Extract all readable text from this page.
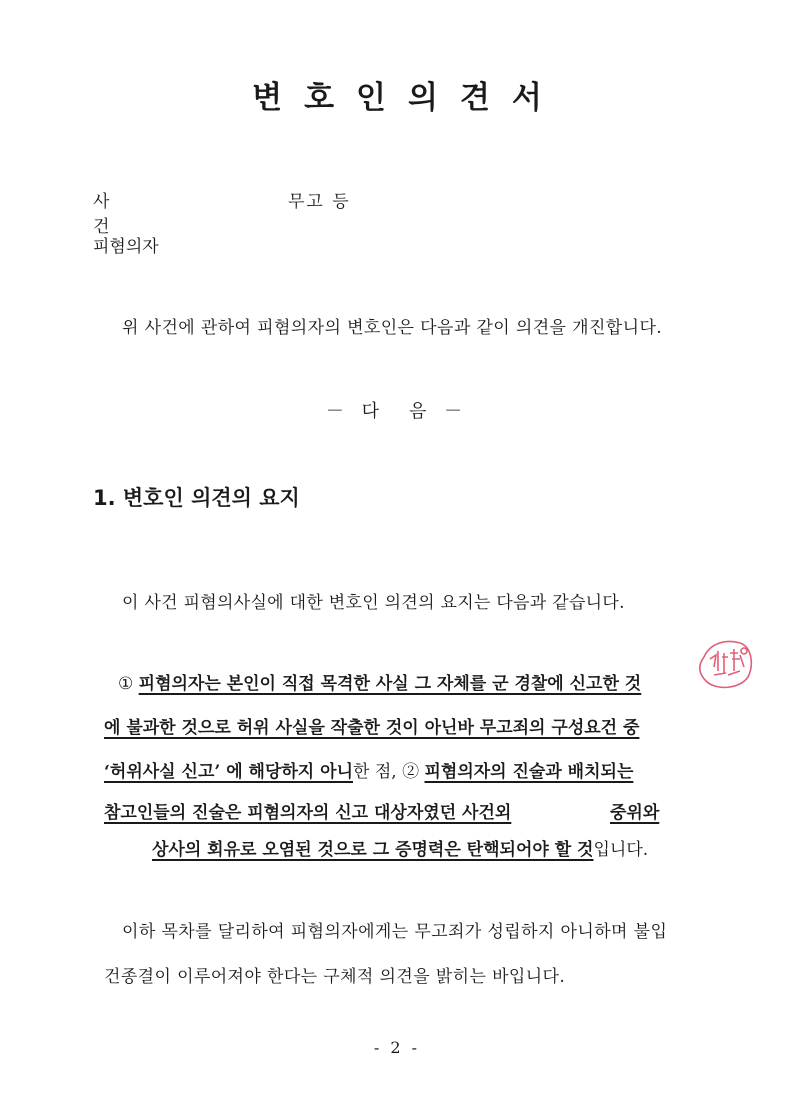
변호인의견서
사 건
무고 등
피혐의자
위 사건에 관하여 피혐의자의 변호인은 다음과 같이 의견을 개진합니다.
－ 다 음 －
1. 변호인 의견의 요지
이 사건 피혐의사실에 대한 변호인 의견의 요지는 다음과 같습니다.
① 피혐의자는 본인이 직접 목격한 사실 그 자체를 군 경찰에 신고한 것
에 불과한 것으로 허위 사실을 작출한 것이 아닌바 무고죄의 구성요건 중
‘허위사실 신고’ 에 해당하지 아니한 점, ② 피혐의자의 진술과 배치되는
참고인들의 진술은 피혐의자의 신고 대상자였던 사건외	중위와
상사의 회유로 오염된 것으로 그 증명력은 탄핵되어야 할 것입니다.
이하 목차를 달리하여 피혐의자에게는 무고죄가 성립하지 아니하며 불입
건종결이 이루어져야 한다는 구체적 의견을 밝히는 바입니다.
- 2 -
